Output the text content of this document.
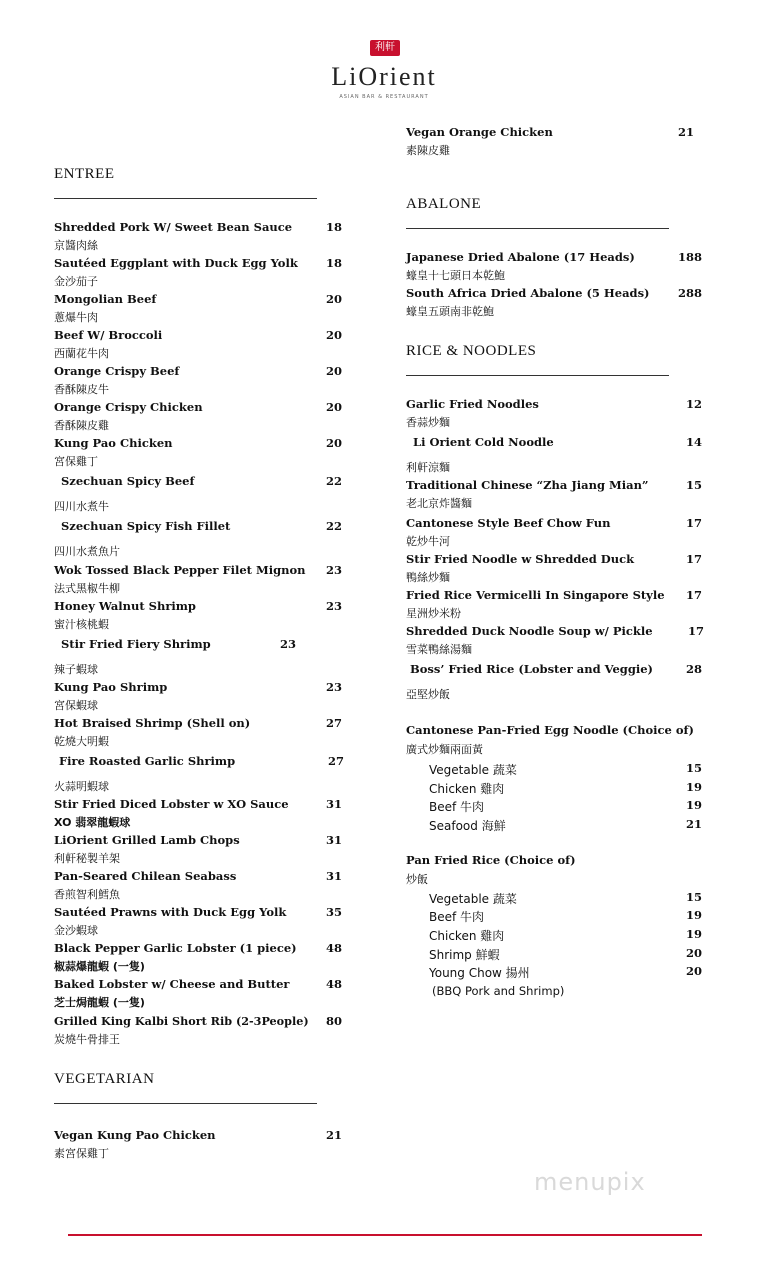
利軒
LiOrient
ASIAN BAR & RESTAURANT
ENTREE
Shredded Pork W/ Sweet Bean Sauce	18
京醬肉絲
Sautéed Eggplant with Duck Egg Yolk 18
金沙茄子
Mongolian Beef	20
蔥爆牛肉
Beef W/ Broccoli	20
西蘭花牛肉
Orange Crispy Beef	20
香酥陳皮牛
Orange Crispy Chicken	20
香酥陳皮雞
Kung Pao Chicken	20
宮保雞丁
Szechuan Spicy Beef	22
四川水煮牛
Szechuan Spicy Fish Fillet	22
四川水煮魚片
Wok Tossed Black Pepper Filet Mignon 23
法式黑椒牛柳
Honey Walnut Shrimp	23
蜜汁核桃蝦
Stir Fried Fiery Shrimp	23
辣子蝦球
Kung Pao Shrimp	23
宮保蝦球
Hot Braised Shrimp (Shell on)	27
乾燒大明蝦
Fire Roasted Garlic Shrimp	27
火蒜明蝦球
Stir Fried Diced Lobster w XO Sauce	31
XO 翡翠龍蝦球
LiOrient Grilled Lamb Chops	31
利軒秘製羊架
Pan-Seared Chilean Seabass	31
香煎智利鱈魚
Sautéed Prawns with Duck Egg Yolk	35
金沙蝦球
Black Pepper Garlic Lobster (1 piece)	48
椒蒜爆龍蝦 (一隻)
Baked Lobster w/ Cheese and Butter	48
芝士焗龍蝦 (一隻)
Grilled King Kalbi Short Rib (2-3People) 80
炭燒牛骨排王
VEGETARIAN
Vegan Kung Pao Chicken	21
素宮保雞丁
Vegan Orange Chicken	21
素陳皮雞
ABALONE
Japanese Dried Abalone (17 Heads)	188
蠔皇十七頭日本乾鮑
South Africa Dried Abalone (5 Heads) 288
蠔皇五頭南非乾鮑
RICE & NOODLES
Garlic Fried Noodles	12
香蒜炒麵
Li Orient Cold Noodle	14
利軒涼麵
Traditional Chinese “Zha Jiang Mian”	15
老北京炸醬麵
Cantonese Style Beef Chow Fun	17
乾炒牛河
Stir Fried Noodle w Shredded Duck	17
鴨絲炒麵
Fried Rice Vermicelli In Singapore Style 17
星洲炒米粉
Shredded Duck Noodle Soup w/ Pickle	17
雪菜鴨絲湯麵
Boss’ Fried Rice (Lobster and Veggie)	28
亞堅炒飯
Cantonese Pan-Fried Egg Noodle (Choice of)
廣式炒麵兩面黃
Vegetable 蔬菜	15
Chicken 雞肉	19
Beef 牛肉	19
Seafood 海鮮	21
Pan Fried Rice (Choice of)
炒飯
Vegetable 蔬菜	15
Beef 牛肉	19
Chicken 雞肉	19
Shrimp 鮮蝦	20
Young Chow 揚州	20
(BBQ Pork and Shrimp)
menupix
